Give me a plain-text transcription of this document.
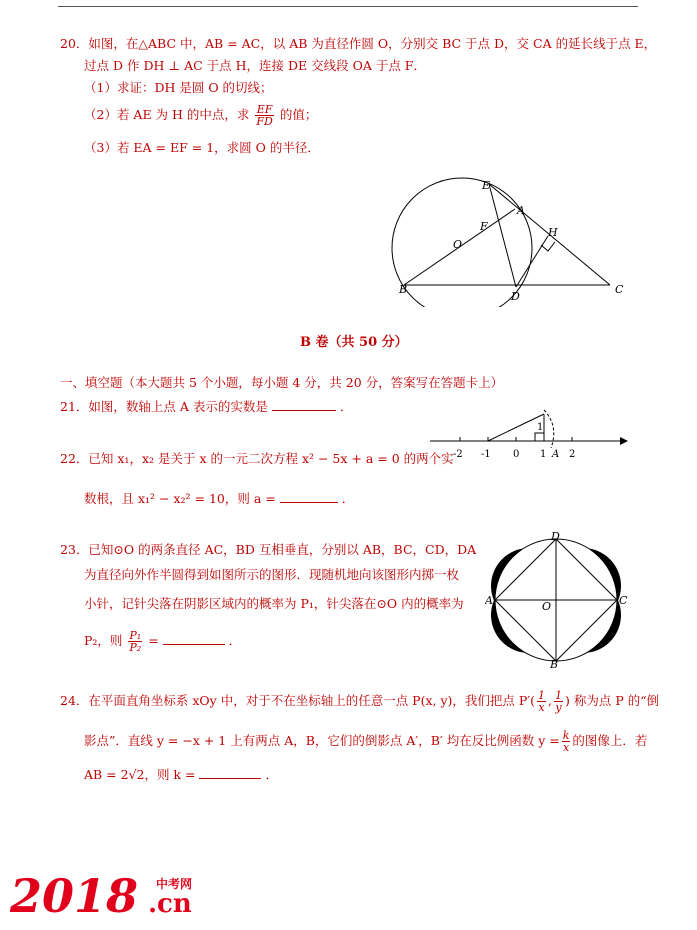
20．如图，在△ABC 中，AB = AC，以 AB 为直径作圆 O，分别交 BC 于点 D，交 CA 的延长线于点 E，
过点 D 作 DH ⊥ AC 于点 H，连接 DE 交线段 OA 于点 F．
（1）求证：DH 是圆 O 的切线；
（2）若 AE 为 H 的中点，求 $\frac{EF}{FD}$ 的值；
（3）若 EA = EF = 1，求圆 O 的半径．
E
A
H
F
O
B
D
C
B 卷（共 50 分）
一、填空题（本大题共 5 个小题，每小题 4 分，共 20 分，答案写在答题卡上）
21．如图，数轴上点 A 表示的实数是	．
1
-2 -1 0 1 A 2
22．已知 x₁，x₂ 是关于 x 的一元二次方程 x² − 5x + a = 0 的两个实
数根，且 x₁² − x₂² = 10，则 a =	．
23．已知⊙O 的两条直径 AC，BD 互相垂直，分别以 AB，BC，CD，DA
为直径向外作半圆得到如图所示的图形．现随机地向该图形内掷一枚
小针，记针尖落在阴影区域内的概率为 P₁，针尖落在⊙O 内的概率为
P₂，则 $\frac{\text{P₁}}{\text{P₂}}$ =	．
D
A	O	C
B
24．在平面直角坐标系 xOy 中，对于不在坐标轴上的任意一点 P(x, y)，我们把点 $P'( \frac{1}{x}$ , $\frac{1}{y}$ ) 称为点 P 的“倒
影点”．直线 y = −x + 1 上有两点 A，B，它们的倒影点 A′，B′ 均在反比例函数 $y = \frac{k}{x}$ 的图像上．若
AB = 2√2，则 k =	．
2018 中考网
.cn
